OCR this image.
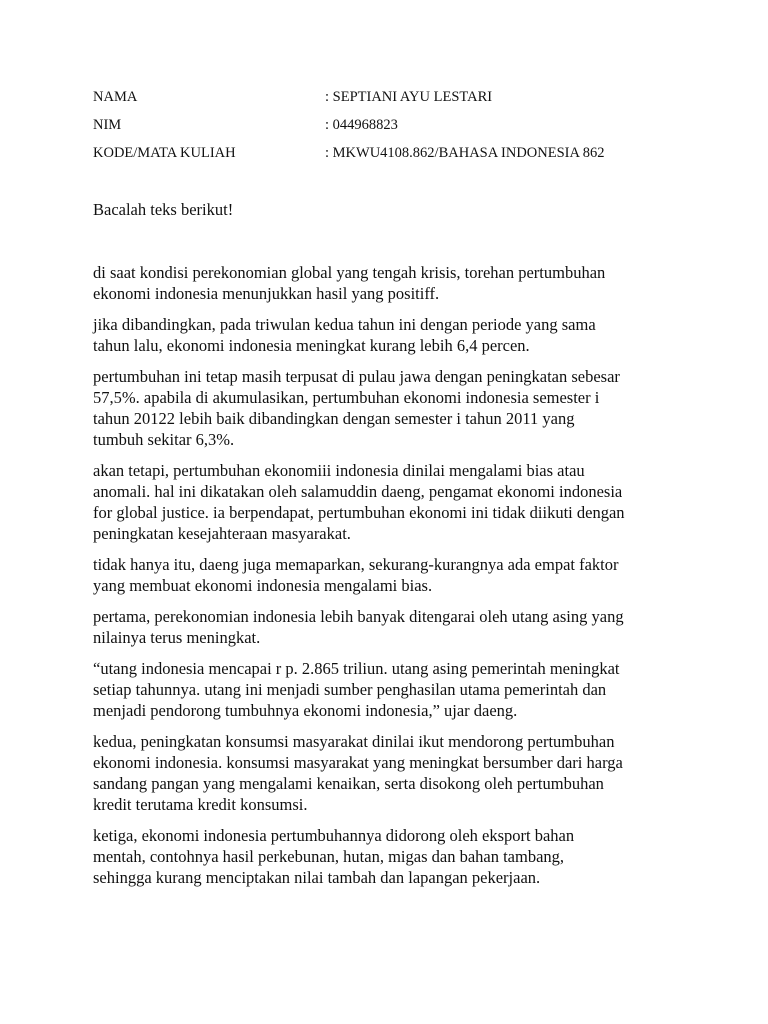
NAMA	: SEPTIANI AYU LESTARI
NIM	: 044968823
KODE/MATA KULIAH	: MKWU4108.862/BAHASA INDONESIA 862
Bacalah teks berikut!

di saat kondisi perekonomian global yang tengah krisis, torehan pertumbuhan
ekonomi indonesia menunjukkan hasil yang positiff.

jika dibandingkan, pada triwulan kedua tahun ini dengan periode yang sama
tahun lalu, ekonomi indonesia meningkat kurang lebih 6,4 percen.

pertumbuhan ini tetap masih terpusat di pulau jawa dengan peningkatan sebesar
57,5%. apabila di akumulasikan, pertumbuhan ekonomi indonesia semester i
tahun 20122 lebih baik dibandingkan dengan semester i tahun 2011 yang
tumbuh sekitar 6,3%.

akan tetapi, pertumbuhan ekonomiii indonesia dinilai mengalami bias atau
anomali. hal ini dikatakan oleh salamuddin daeng, pengamat ekonomi indonesia
for global justice. ia berpendapat, pertumbuhan ekonomi ini tidak diikuti dengan
peningkatan kesejahteraan masyarakat.

tidak hanya itu, daeng juga memaparkan, sekurang-kurangnya ada empat faktor
yang membuat ekonomi indonesia mengalami bias.

pertama, perekonomian indonesia lebih banyak ditengarai oleh utang asing yang
nilainya terus meningkat.

“utang indonesia mencapai r p. 2.865 triliun. utang asing pemerintah meningkat
setiap tahunnya. utang ini menjadi sumber penghasilan utama pemerintah dan
menjadi pendorong tumbuhnya ekonomi indonesia,” ujar daeng.

kedua, peningkatan konsumsi masyarakat dinilai ikut mendorong pertumbuhan
ekonomi indonesia. konsumsi masyarakat yang meningkat bersumber dari harga
sandang pangan yang mengalami kenaikan, serta disokong oleh pertumbuhan
kredit terutama kredit konsumsi.

ketiga, ekonomi indonesia pertumbuhannya didorong oleh eksport bahan
mentah, contohnya hasil perkebunan, hutan, migas dan bahan tambang,
sehingga kurang menciptakan nilai tambah dan lapangan pekerjaan.
